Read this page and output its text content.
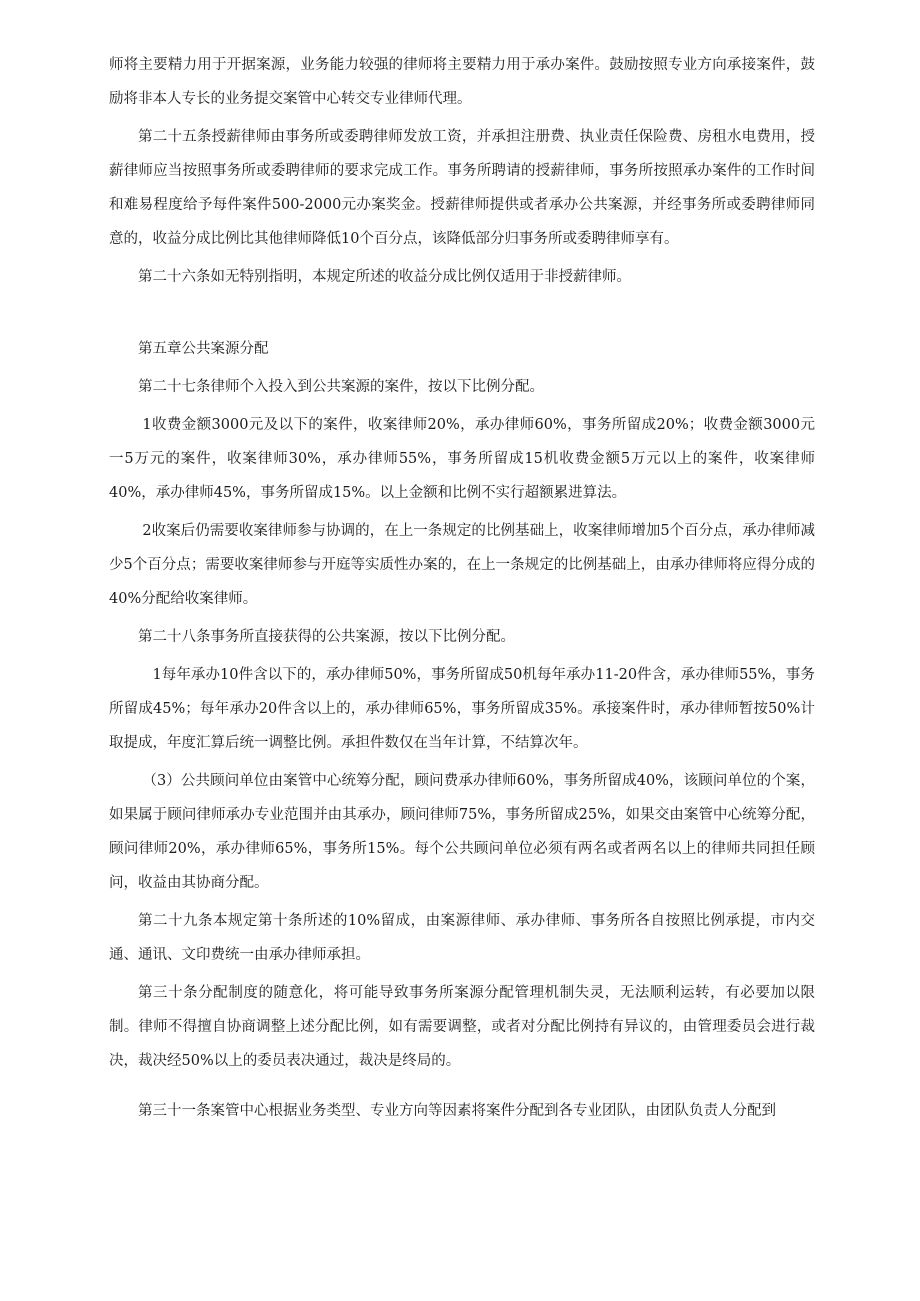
师将主要精力用于开据案源，业务能力较强的律师将主要精力用于承办案件。鼓励按照专业方向承接案件，鼓励将非本人专长的业务提交案管中心转交专业律师代理。

第二十五条授薪律师由事务所或委聘律师发放工资，并承担注册费、执业责任保险费、房租水电费用，授薪律师应当按照事务所或委聘律师的要求完成工作。事务所聘请的授薪律师，事务所按照承办案件的工作时间和难易程度给予每件案件500-2000元办案奖金。授薪律师提供或者承办公共案源，并经事务所或委聘律师同意的，收益分成比例比其他律师降低10个百分点，该降低部分归事务所或委聘律师享有。

第二十六条如无特别指明，本规定所述的收益分成比例仅适用于非授薪律师。

第五章公共案源分配

第二十七条律师个入投入到公共案源的案件，按以下比例分配。

1收费金额3000元及以下的案件，收案律师20%，承办律师60%，事务所留成20%；收费金额3000元一5万元的案件，收案律师30%，承办律师55%，事务所留成15机收费金额5万元以上的案件，收案律师40%，承办律师45%，事务所留成15%。以上金额和比例不实行超额累进算法。

2收案后仍需要收案律师参与协调的，在上一条规定的比例基础上，收案律师增加5个百分点，承办律师减少5个百分点；需要收案律师参与开庭等实质性办案的，在上一条规定的比例基础上，由承办律师将应得分成的40%分配给收案律师。

第二十八条事务所直接获得的公共案源，按以下比例分配。

1每年承办10件含以下的，承办律师50%，事务所留成50机每年承办11-20件含，承办律师55%，事务所留成45%；每年承办20件含以上的，承办律师65%，事务所留成35%。承接案件时，承办律师暂按50%计取提成，年度汇算后统一调整比例。承担件数仅在当年计算，不结算次年。

（3）公共顾问单位由案管中心统筹分配，顾问费承办律师60%，事务所留成40%，该顾问单位的个案，如果属于顾问律师承办专业范围并由其承办，顾问律师75%，事务所留成25%，如果交由案管中心统筹分配，顾问律师20%，承办律师65%，事务所15%。每个公共顾问单位必须有两名或者两名以上的律师共同担任顾问，收益由其协商分配。

第二十九条本规定第十条所述的10%留成，由案源律师、承办律师、事务所各自按照比例承提，市内交通、通讯、文印费统一由承办律师承担。

第三十条分配制度的随意化，将可能导致事务所案源分配管理机制失灵，无法顺利运转，有必要加以限制。律师不得擅自协商调整上述分配比例，如有需要调整，或者对分配比例持有异议的，由管理委员会进行裁决，裁决经50%以上的委员表决通过，裁决是终局的。

第三十一条案管中心根据业务类型、专业方向等因素将案件分配到各专业团队，由团队负责人分配到
